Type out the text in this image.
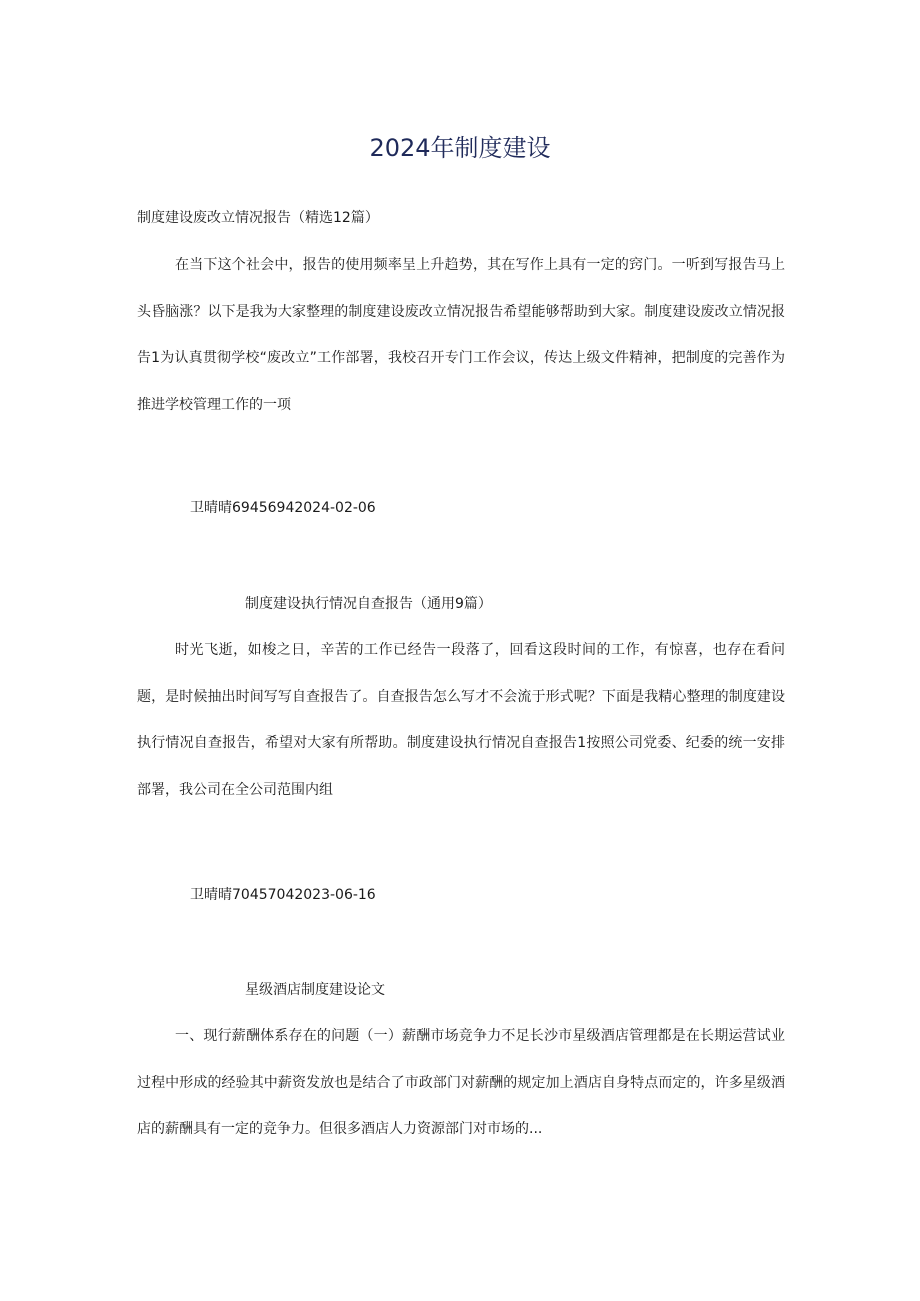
2024年制度建设
制度建设废改立情况报告（精选12篇）

在当下这个社会中，报告的使用频率呈上升趋势，其在写作上具有一定的窍门。一听到写报告马上头昏脑涨？以下是我为大家整理的制度建设废改立情况报告希望能够帮助到大家。制度建设废改立情况报告1为认真贯彻学校“废改立”工作部署，我校召开专门工作会议，传达上级文件精神，把制度的完善作为推进学校管理工作的一项

卫晴晴69456942024-02-06
制度建设执行情况自查报告（通用9篇）

时光飞逝，如梭之日，辛苦的工作已经告一段落了，回看这段时间的工作，有惊喜，也存在看问题，是时候抽出时间写写自查报告了。自查报告怎么写才不会流于形式呢？下面是我精心整理的制度建设执行情况自查报告，希望对大家有所帮助。制度建设执行情况自查报告1按照公司党委、纪委的统一安排部署，我公司在全公司范围内组

卫晴晴70457042023-06-16
星级酒店制度建设论文

一、现行薪酬体系存在的问题（一）薪酬市场竞争力不足长沙市星级酒店管理都是在长期运营试业过程中形成的经验其中薪资发放也是结合了市政部门对薪酬的规定加上酒店自身特点而定的，许多星级酒店的薪酬具有一定的竞争力。但很多酒店人力资源部门对市场的...
